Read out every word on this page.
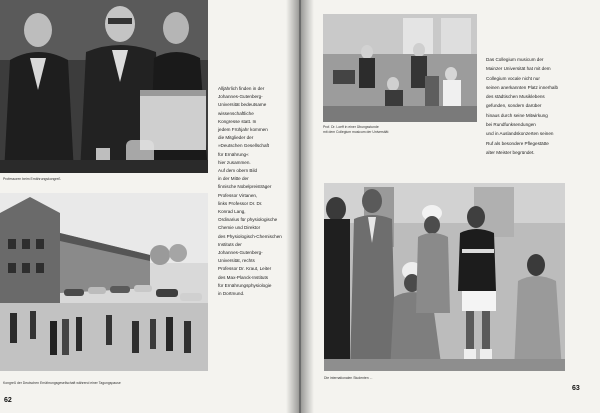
Professoren beim Ernährungskongreß
Kongreß der Deutschen Ernährungsgesellschaft während einer Tagungspause
Alljährlich finden in der
Johannes-Gutenberg-
Universität bedeutsame
wissenschaftliche
Kongresse statt. In
jedem Frühjahr kommen
die Mitglieder der
»Deutschen Gesellschaft
für Ernährung«
hier zusammen.
Auf dem obern Bild
in der Mitte der
finnische Nobelpreisträger
Professor Virtanen,
links Professor Dr. Dr.
Konrad Lang,
Ordinarius für physiologische
Chemie und Direktor
des Physiologisch-Chemischen
Instituts der
Johannes-Gutenberg-
Universität, rechts
Professor Dr. Kraut, Leiter
des Max-Planck-Instituts
für Ernährungsphysiologie
in Dortmund.
62
Prof. Dr. Loeff in einer Übungsstunde
mit dem Collegium musicum der Universität
Das Collegium musicum der
Mainzer Universität hat mit dem
Collegium vocale nicht nur
seinen anerkannten Platz innerhalb
des städtischen Musiklebens
gefunden, sondern darüber
hinaus durch seine Mitwirkung
bei Rundfunksendungen
und in Auslandskonzerten seinen
Ruf als besondere Pflegestätte
alter Meister begründet.
Die internationalen Studenten ...
63
